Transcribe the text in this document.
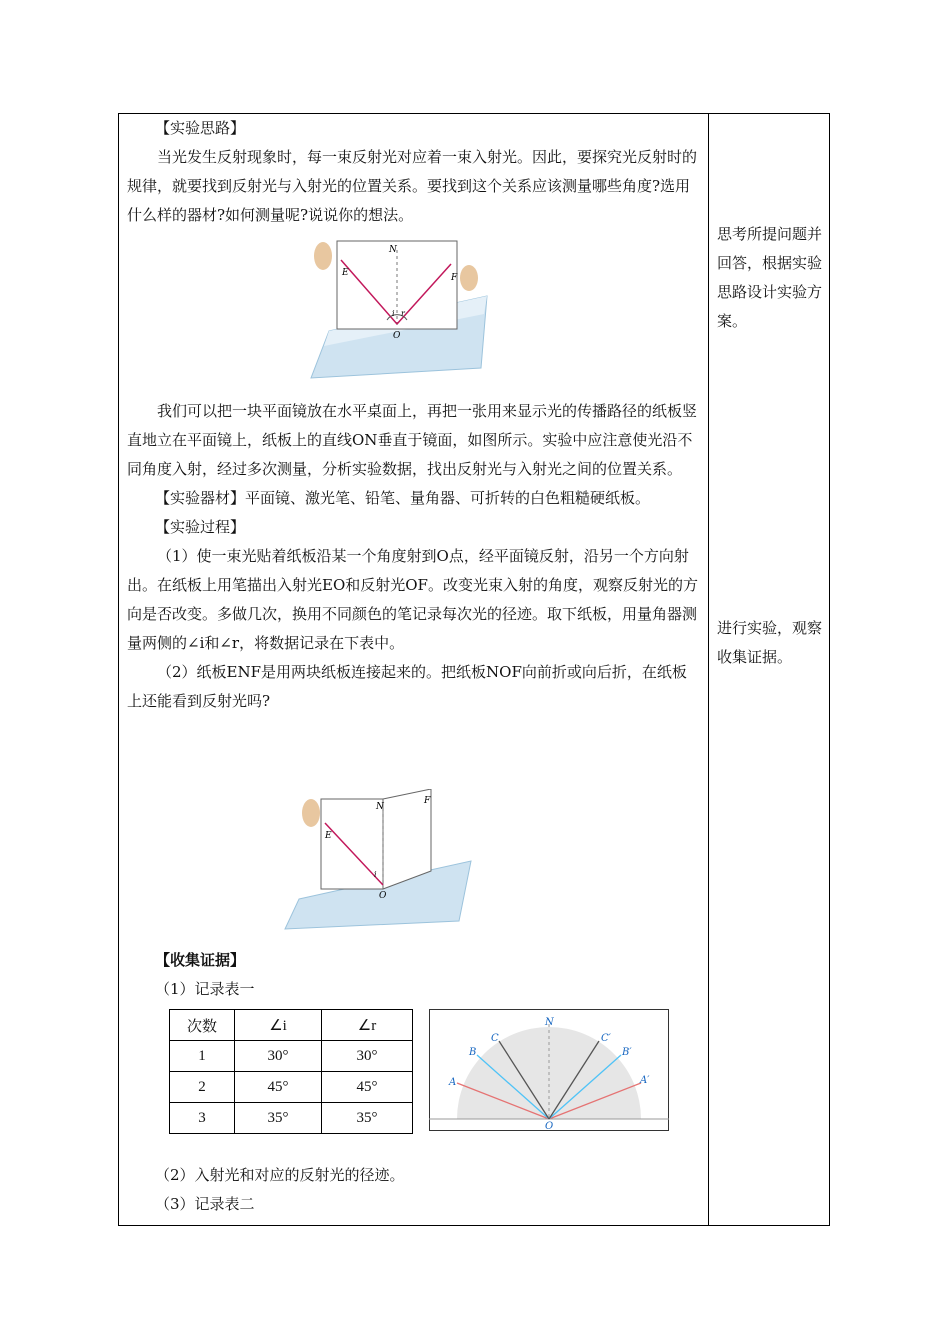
【实验思路】

当光发生反射现象时，每一束反射光对应着一束入射光。因此，要探究光反射时的规律，就要找到反射光与入射光的位置关系。要找到这个关系应该测量哪些角度?选用什么样的器材?如何测量呢?说说你的想法。

E
N
F
i r
O

我们可以把一块平面镜放在水平桌面上，再把一张用来显示光的传播路径的纸板竖直地立在平面镜上，纸板上的直线ON垂直于镜面，如图所示。实验中应注意使光沿不同角度入射，经过多次测量，分析实验数据，找出反射光与入射光之间的位置关系。

【实验器材】平面镜、激光笔、铅笔、量角器、可折转的白色粗糙硬纸板。

【实验过程】

（1）使一束光贴着纸板沿某一个角度射到O点，经平面镜反射，沿另一个方向射出。在纸板上用笔描出入射光EO和反射光OF。改变光束入射的角度，观察反射光的方向是否改变。多做几次，换用不同颜色的笔记录每次光的径迹。取下纸板，用量角器测量两侧的∠i和∠r，将数据记录在下表中。

（2）纸板ENF是用两块纸板连接起来的。把纸板NOF向前折或向后折，在纸板上还能看到反射光吗?

E
N
F
i
O

【收集证据】

（1）记录表一

次数	∠i	∠r
1	30°	30°
2	45°	45°
3	35°	35°
A
B
C
N
C′
B′
A′
O

（2）入射光和对应的反射光的径迹。

（3）记录表二

思考所提问题并回答，根据实验思路设计实验方案。
进行实验，观察收集证据。
